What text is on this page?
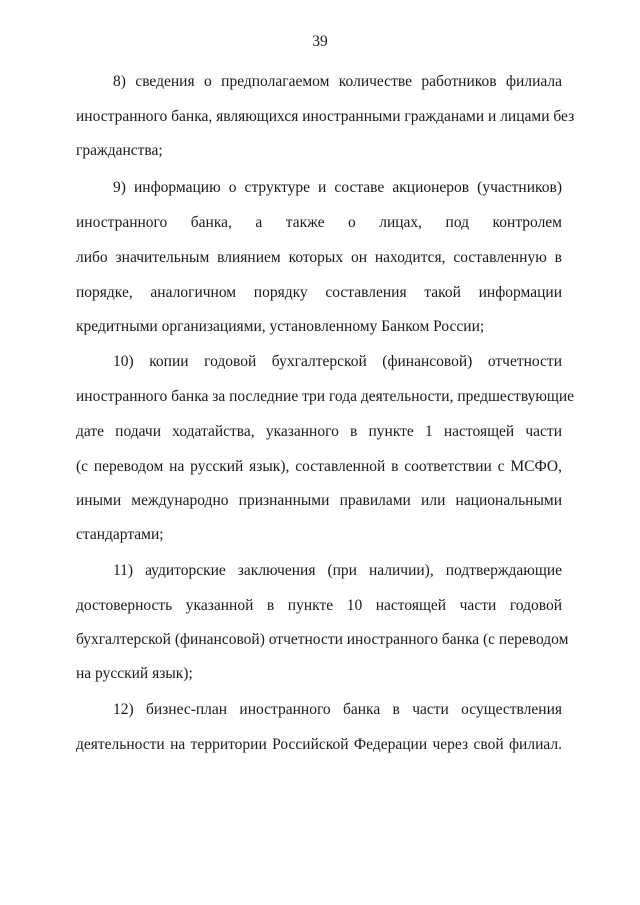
39
8) сведения о предполагаемом количестве работников филиала
иностранного банка, являющихся иностранными гражданами и лицами без
гражданства;
9) информацию о структуре и составе акционеров (участников)
иностранного банка, а также о лицах, под контролем
либо значительным влиянием которых он находится, составленную в
порядке, аналогичном порядку составления такой информации
кредитными организациями, установленному Банком России;
10) копии годовой бухгалтерской (финансовой) отчетности
иностранного банка за последние три года деятельности, предшествующие
дате подачи ходатайства, указанного в пункте 1 настоящей части
(с переводом на русский язык), составленной в соответствии с МСФО,
иными международно признанными правилами или национальными
стандартами;
11) аудиторские заключения (при наличии), подтверждающие
достоверность указанной в пункте 10 настоящей части годовой
бухгалтерской (финансовой) отчетности иностранного банка (с переводом
на русский язык);
12) бизнес-план иностранного банка в части осуществления
деятельности на территории Российской Федерации через свой филиал.
